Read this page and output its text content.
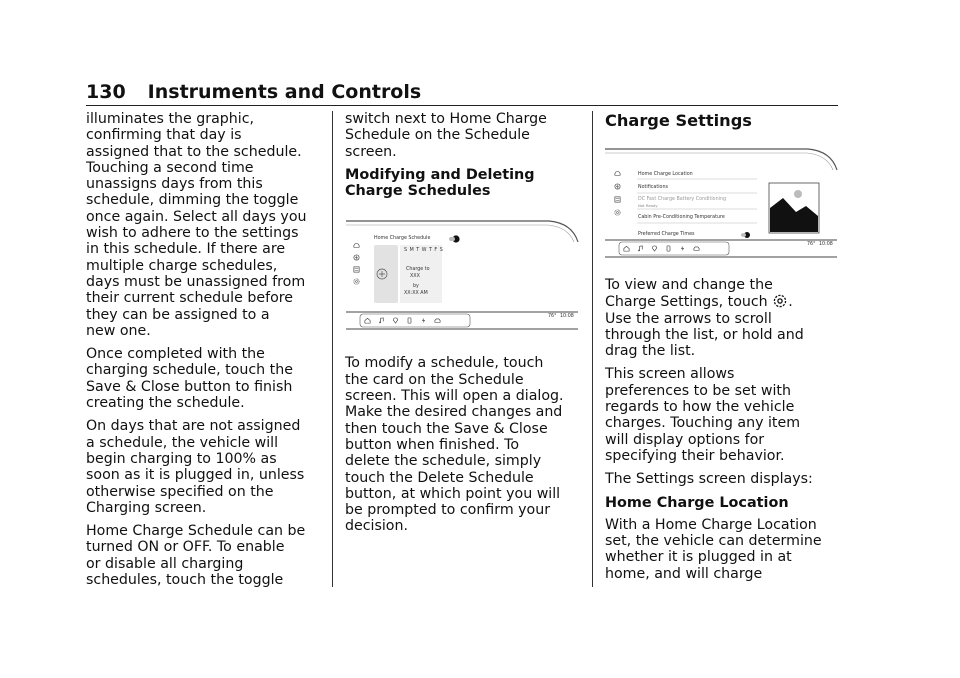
130 Instruments and Controls

illuminates the graphic,
confirming that day is
assigned that to the schedule.
Touching a second time
unassigns days from this
schedule, dimming the toggle
once again. Select all days you
wish to adhere to the settings
in this schedule. If there are
multiple charge schedules,
days must be unassigned from
their current schedule before
they can be assigned to a
new one.

Once completed with the
charging schedule, touch the
Save & Close button to finish
creating the schedule.

On days that are not assigned
a schedule, the vehicle will
begin charging to 100% as
soon as it is plugged in, unless
otherwise specified on the
Charging screen.

Home Charge Schedule can be
turned ON or OFF. To enable
or disable all charging
schedules, touch the toggle

switch next to Home Charge
Schedule on the Schedule
screen.

Modifying and Deleting
Charge Schedules

To modify a schedule, touch
the card on the Schedule
screen. This will open a dialog.
Make the desired changes and
then touch the Save & Close
button when finished. To
delete the schedule, simply
touch the Delete Schedule
button, at which point you will
be prompted to confirm your
decision.

Charge Settings

To view and change the
Charge Settings, touch .
Use the arrows to scroll
through the list, or hold and
drag the list.

This screen allows
preferences to be set with
regards to how the vehicle
charges. Touching any item
will display options for
specifying their behavior.

The Settings screen displays:

Home Charge Location

With a Home Charge Location
set, the vehicle can determine
whether it is plugged in at
home, and will charge

Home Charge Schedule
S M T W T F S
Charge to
XXX
by
XX:XX AM
76° 10:08
Home Charge Location
Notifications
DC Fast Charge Battery Conditioning
Not Ready
Cabin Pre-Conditioning Temperature
Preferred Charge Times
76° 10:08
